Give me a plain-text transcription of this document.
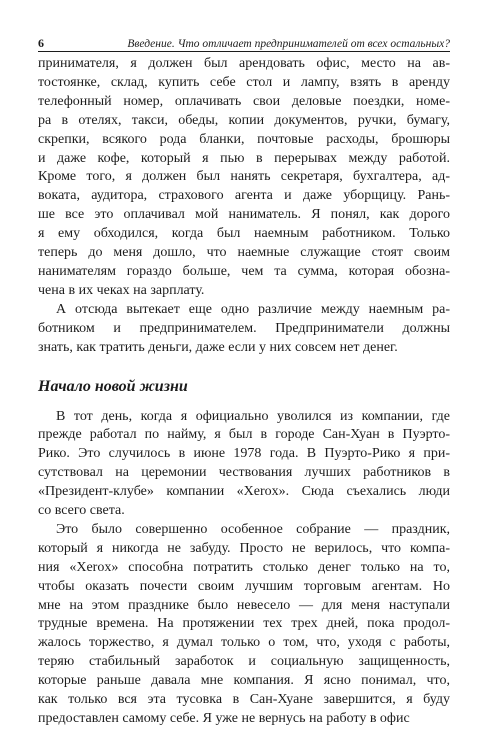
6	Введение. Что отличает предпринимателей от всех остальных?
принимателя, я должен был арендовать офис, место на ав-
тостоянке, склад, купить себе стол и лампу, взять в аренду
телефонный номер, оплачивать свои деловые поездки, номе-
ра в отелях, такси, обеды, копии документов, ручки, бумагу,
скрепки, всякого рода бланки, почтовые расходы, брошюры
и даже кофе, который я пью в перерывах между работой.
Кроме того, я должен был нанять секретаря, бухгалтера, ад-
воката, аудитора, страхового агента и даже уборщицу. Рань-
ше все это оплачивал мой наниматель. Я понял, как дорого
я ему обходился, когда был наемным работником. Только
теперь до меня дошло, что наемные служащие стоят своим
нанимателям гораздо больше, чем та сумма, которая обозна-
чена в их чеках на зарплату.
А отсюда вытекает еще одно различие между наемным ра-
ботником и предпринимателем. Предприниматели должны
знать, как тратить деньги, даже если у них совсем нет денег.
Начало новой жизни
В тот день, когда я официально уволился из компании, где
прежде работал по найму, я был в городе Сан-Хуан в Пуэрто-
Рико. Это случилось в июне 1978 года. В Пуэрто-Рико я при-
сутствовал на церемонии чествования лучших работников в
«Президент-клубе» компании «Xerox». Сюда съехались люди
со всего света.
Это было совершенно особенное собрание — праздник,
который я никогда не забуду. Просто не верилось, что компа-
ния «Xerox» способна потратить столько денег только на то,
чтобы оказать почести своим лучшим торговым агентам. Но
мне на этом празднике было невесело — для меня наступали
трудные времена. На протяжении тех трех дней, пока продол-
жалось торжество, я думал только о том, что, уходя с работы,
теряю стабильный заработок и социальную защищенность,
которые раньше давала мне компания. Я ясно понимал, что,
как только вся эта тусовка в Сан-Хуане завершится, я буду
предоставлен самому себе. Я уже не вернусь на работу в офис
